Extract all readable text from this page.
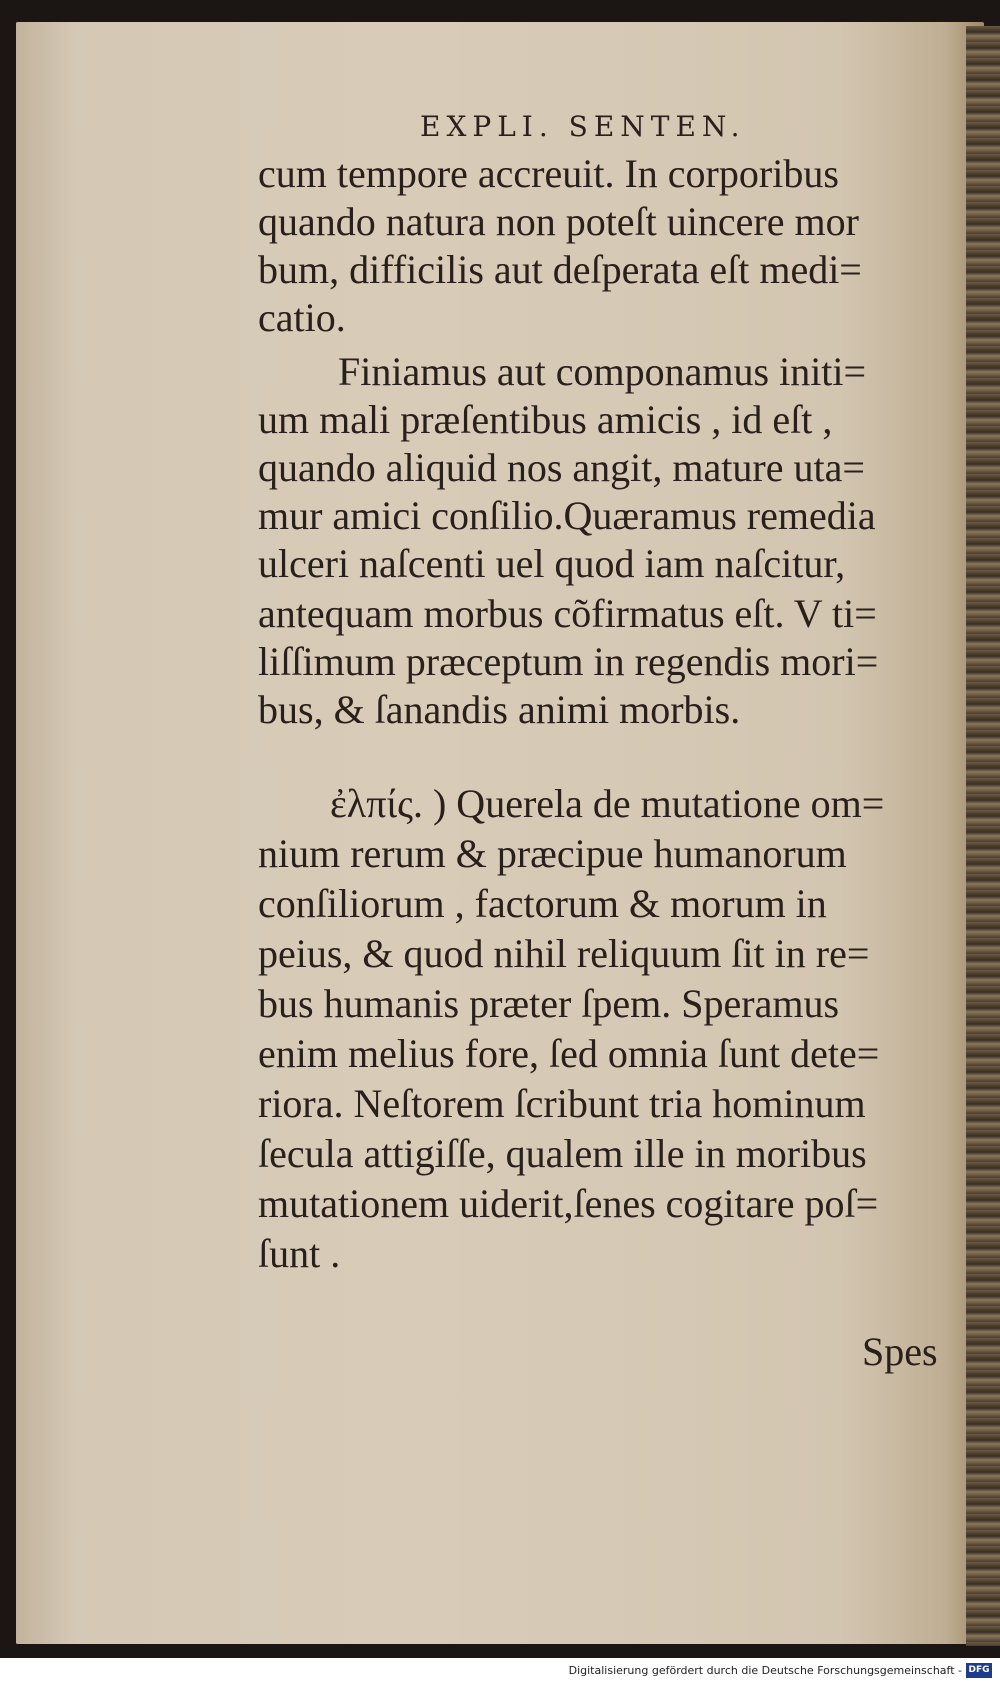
EXPLI. SENTEN.
cum tempore accreuit. In corporibus
quando natura non poteſt uincere mor
bum, difficilis aut deſperata eſt medi=
catio.
Finiamus aut componamus initi=
um mali præſentibus amicis , id eſt ,
quando aliquid nos angit, mature uta=
mur amici conſilio.Quæramus remedia
ulceri naſcenti uel quod iam naſcitur,
antequam morbus cõfirmatus eſt. V ti=
liſſimum præceptum in regendis mori=
bus, & ſanandis animi morbis.
ἐλπίς. ) Querela de mutatione om=
nium rerum & præcipue humanorum
conſiliorum , factorum & morum in
peius, & quod nihil reliquum ſit in re=
bus humanis præter ſpem. Speramus
enim melius fore, ſed omnia ſunt dete=
riora. Neſtorem ſcribunt tria hominum
ſecula attigiſſe, qualem ille in moribus
mutationem uiderit,ſenes cogitare poſ=
ſunt .
Spes
Digitalisierung gefördert durch die Deutsche Forschungsgemeinschaft - DFG
